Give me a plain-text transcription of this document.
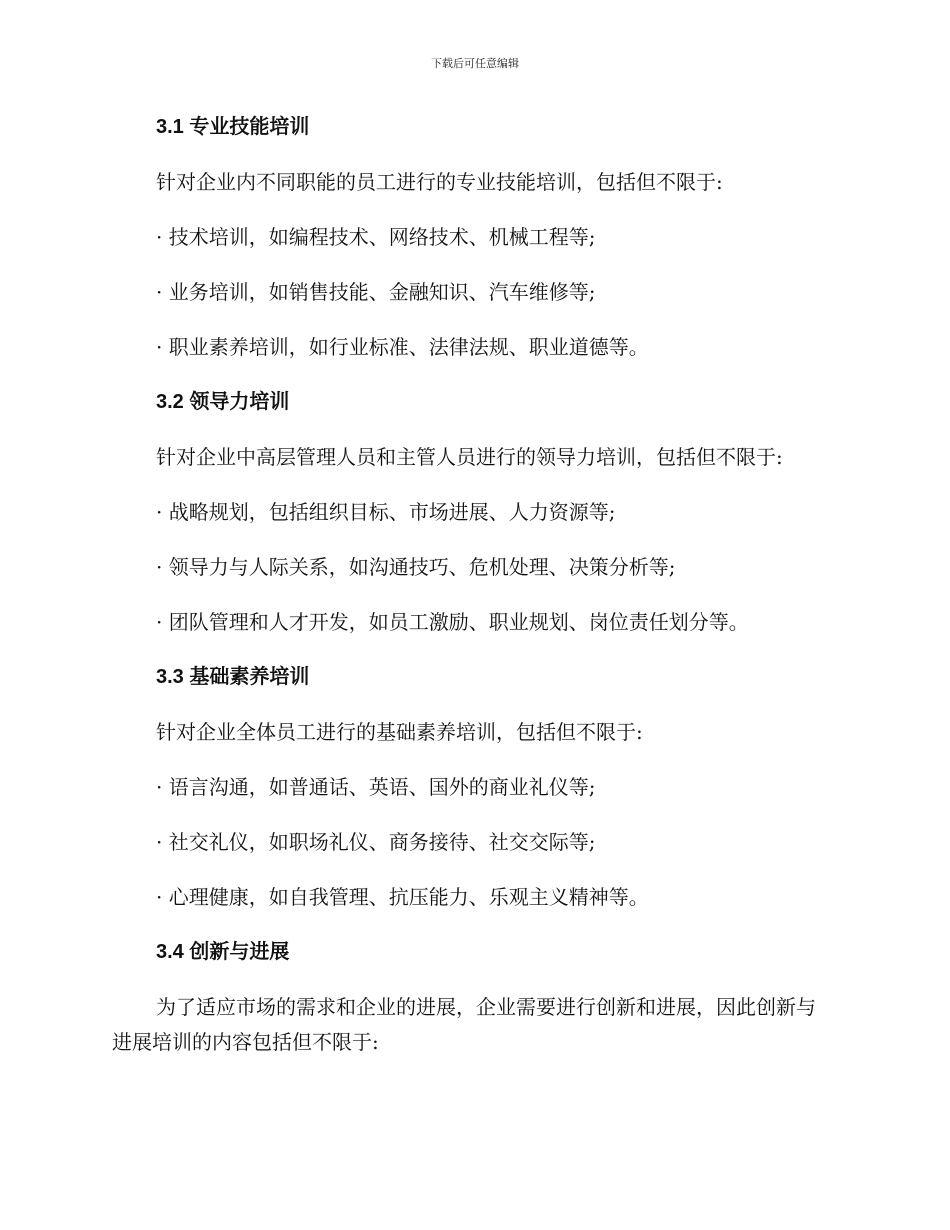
下载后可任意编辑
3.1 专业技能培训

针对企业内不同职能的员工进行的专业技能培训，包括但不限于:

· 技术培训，如编程技术、网络技术、机械工程等;

· 业务培训，如销售技能、金融知识、汽车维修等;

· 职业素养培训，如行业标准、法律法规、职业道德等。

3.2 领导力培训

针对企业中高层管理人员和主管人员进行的领导力培训，包括但不限于:

· 战略规划，包括组织目标、市场进展、人力资源等;

· 领导力与人际关系，如沟通技巧、危机处理、决策分析等;

· 团队管理和人才开发，如员工激励、职业规划、岗位责任划分等。

3.3 基础素养培训

针对企业全体员工进行的基础素养培训，包括但不限于:

· 语言沟通，如普通话、英语、国外的商业礼仪等;

· 社交礼仪，如职场礼仪、商务接待、社交交际等;

· 心理健康，如自我管理、抗压能力、乐观主义精神等。

3.4 创新与进展

为了适应市场的需求和企业的进展，企业需要进行创新和进展，因此创新与进展培训的内容包括但不限于:
